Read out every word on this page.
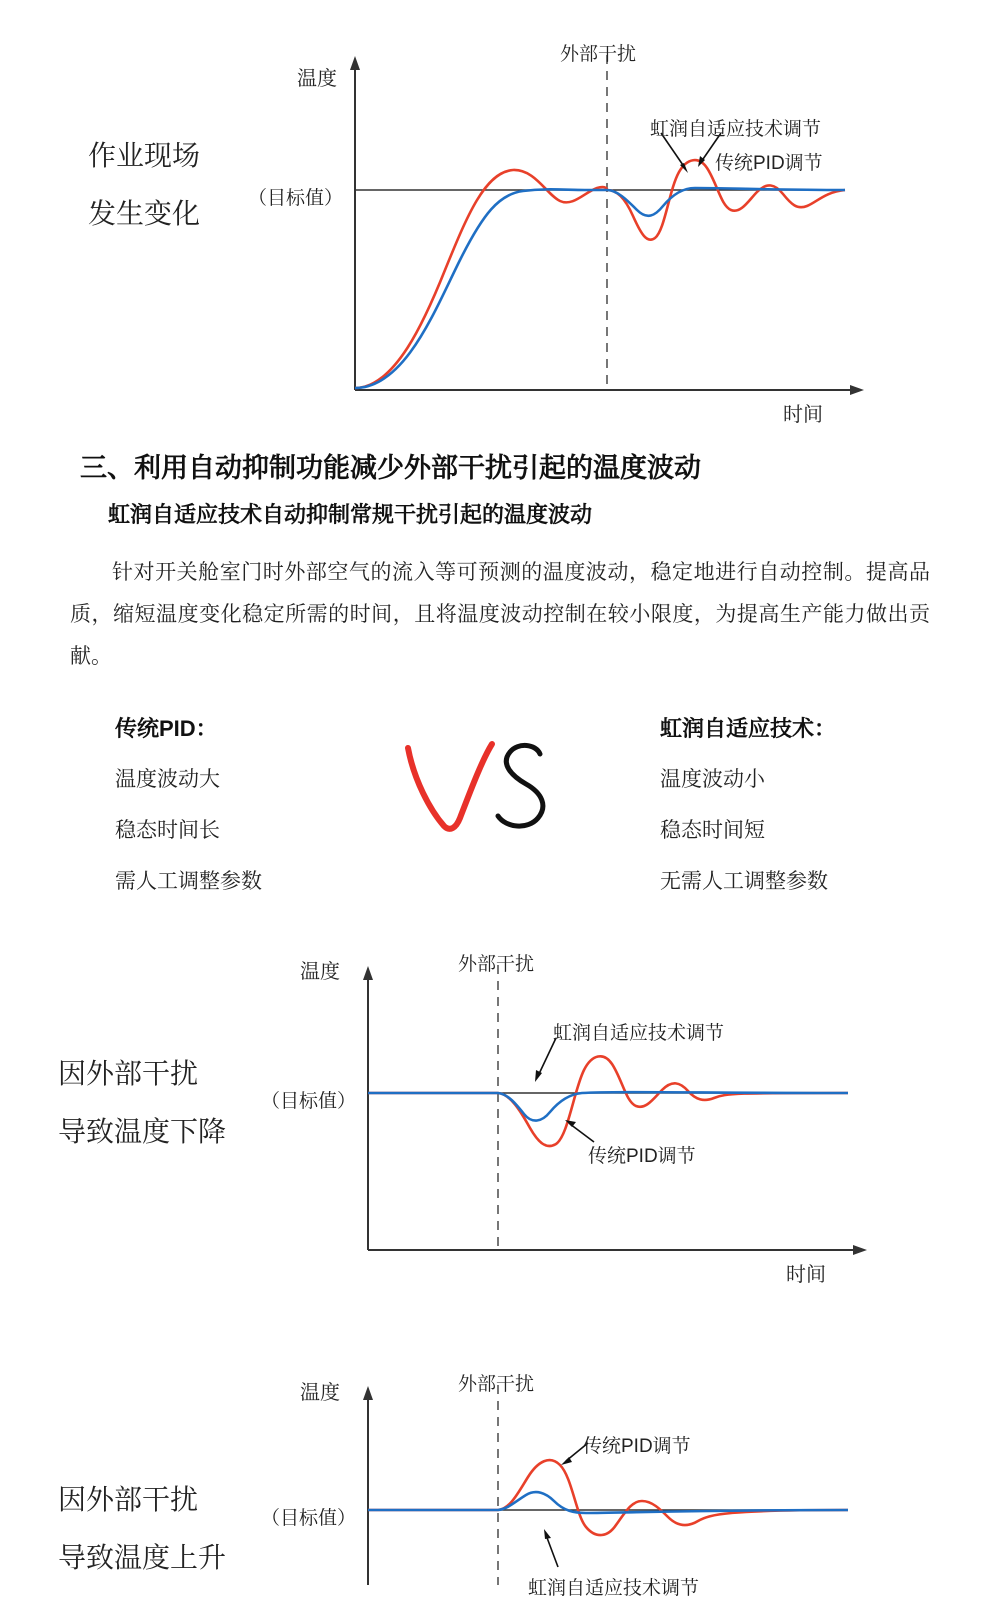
虹润自适应技术调节
传统PID调节
温度
时间
（目标值）
外部干扰
作业现场
发生变化
三、利用自动抑制功能减少外部干扰引起的温度波动
虹润自适应技术自动抑制常规干扰引起的温度波动
针对开关舱室门时外部空气的流入等可预测的温度波动，稳定地进行自动控制。提高品质，缩短温度变化稳定所需的时间，且将温度波动控制在较小限度，为提高生产能力做出贡献。
传统PID：
温度波动大
稳态时间长
需人工调整参数
虹润自适应技术：
温度波动小
稳态时间短
无需人工调整参数
虹润自适应技术调节
传统PID调节
温度
时间
（目标值）
外部干扰
因外部干扰
导致温度下降
传统PID调节
虹润自适应技术调节
温度
（目标值）
外部干扰
因外部干扰
导致温度上升
